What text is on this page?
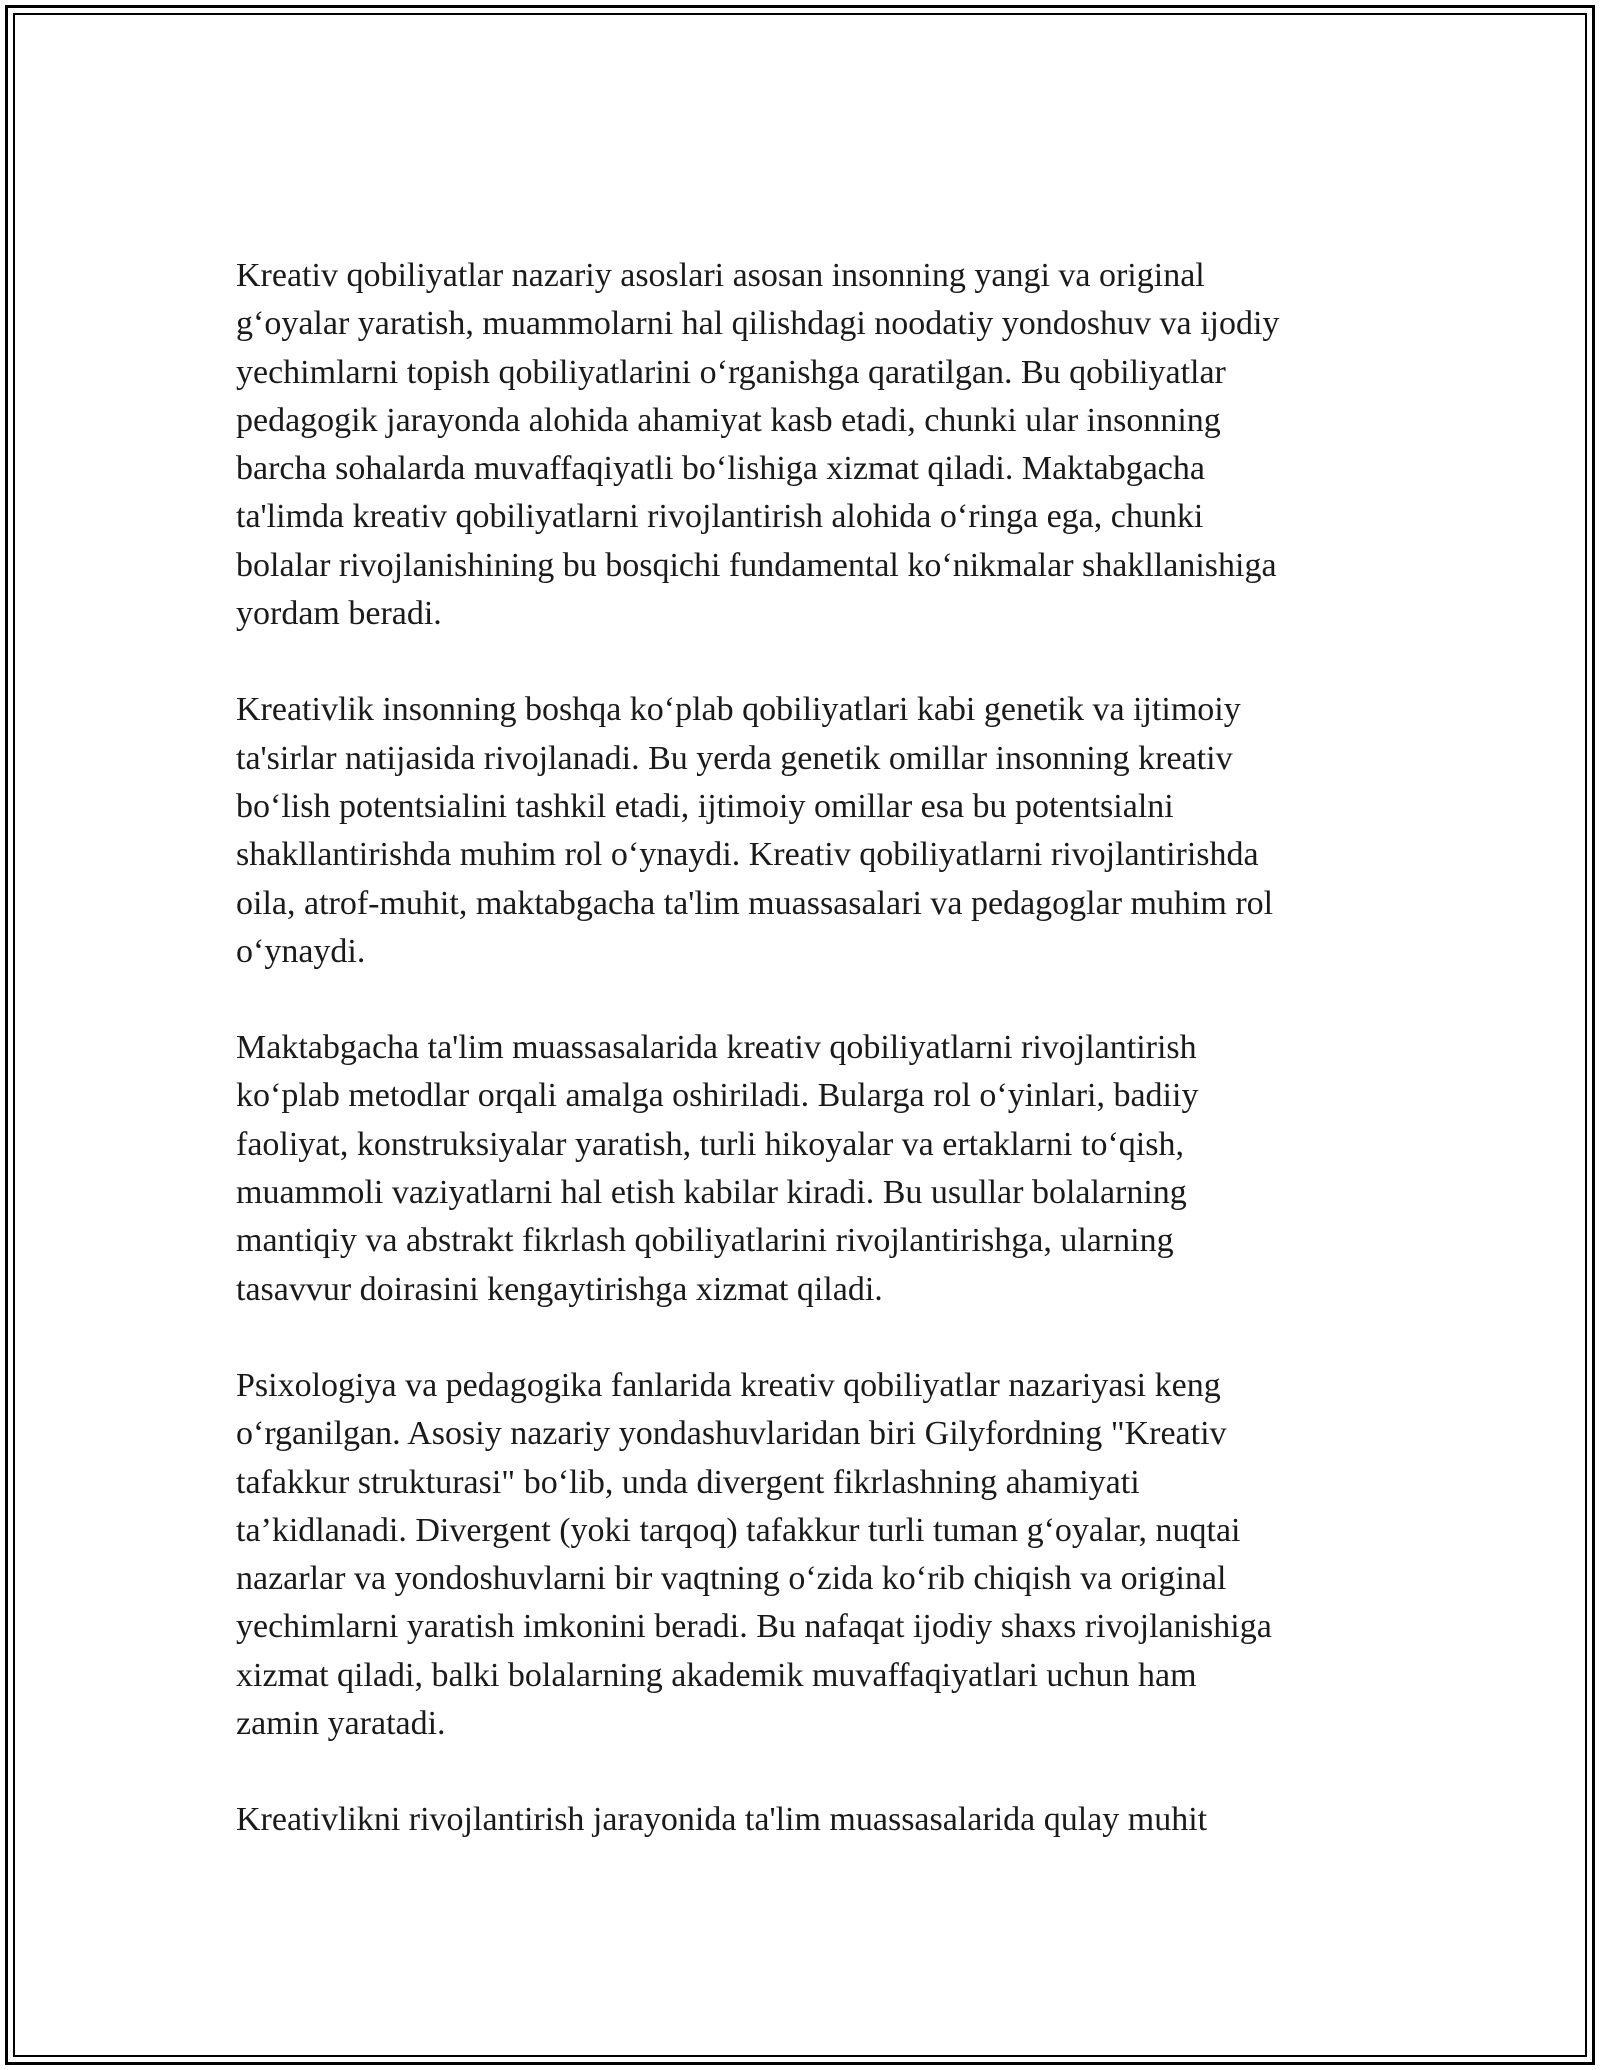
Kreativ qobiliyatlar nazariy asoslari asosan insonning yangi va original
g‘oyalar yaratish, muammolarni hal qilishdagi noodatiy yondoshuv va ijodiy
yechimlarni topish qobiliyatlarini o‘rganishga qaratilgan. Bu qobiliyatlar
pedagogik jarayonda alohida ahamiyat kasb etadi, chunki ular insonning
barcha sohalarda muvaffaqiyatli bo‘lishiga xizmat qiladi. Maktabgacha
ta'limda kreativ qobiliyatlarni rivojlantirish alohida o‘ringa ega, chunki
bolalar rivojlanishining bu bosqichi fundamental ko‘nikmalar shakllanishiga
yordam beradi.

Kreativlik insonning boshqa ko‘plab qobiliyatlari kabi genetik va ijtimoiy
ta'sirlar natijasida rivojlanadi. Bu yerda genetik omillar insonning kreativ
bo‘lish potentsialini tashkil etadi, ijtimoiy omillar esa bu potentsialni
shakllantirishda muhim rol o‘ynaydi. Kreativ qobiliyatlarni rivojlantirishda
oila, atrof-muhit, maktabgacha ta'lim muassasalari va pedagoglar muhim rol
o‘ynaydi.

Maktabgacha ta'lim muassasalarida kreativ qobiliyatlarni rivojlantirish
ko‘plab metodlar orqali amalga oshiriladi. Bularga rol o‘yinlari, badiiy
faoliyat, konstruksiyalar yaratish, turli hikoyalar va ertaklarni to‘qish,
muammoli vaziyatlarni hal etish kabilar kiradi. Bu usullar bolalarning
mantiqiy va abstrakt fikrlash qobiliyatlarini rivojlantirishga, ularning
tasavvur doirasini kengaytirishga xizmat qiladi.

Psixologiya va pedagogika fanlarida kreativ qobiliyatlar nazariyasi keng
o‘rganilgan. Asosiy nazariy yondashuvlaridan biri Gilyfordning "Kreativ
tafakkur strukturasi" bo‘lib, unda divergent fikrlashning ahamiyati
ta’kidlanadi. Divergent (yoki tarqoq) tafakkur turli tuman g‘oyalar, nuqtai
nazarlar va yondoshuvlarni bir vaqtning o‘zida ko‘rib chiqish va original
yechimlarni yaratish imkonini beradi. Bu nafaqat ijodiy shaxs rivojlanishiga
xizmat qiladi, balki bolalarning akademik muvaffaqiyatlari uchun ham
zamin yaratadi.

Kreativlikni rivojlantirish jarayonida ta'lim muassasalarida qulay muhit
